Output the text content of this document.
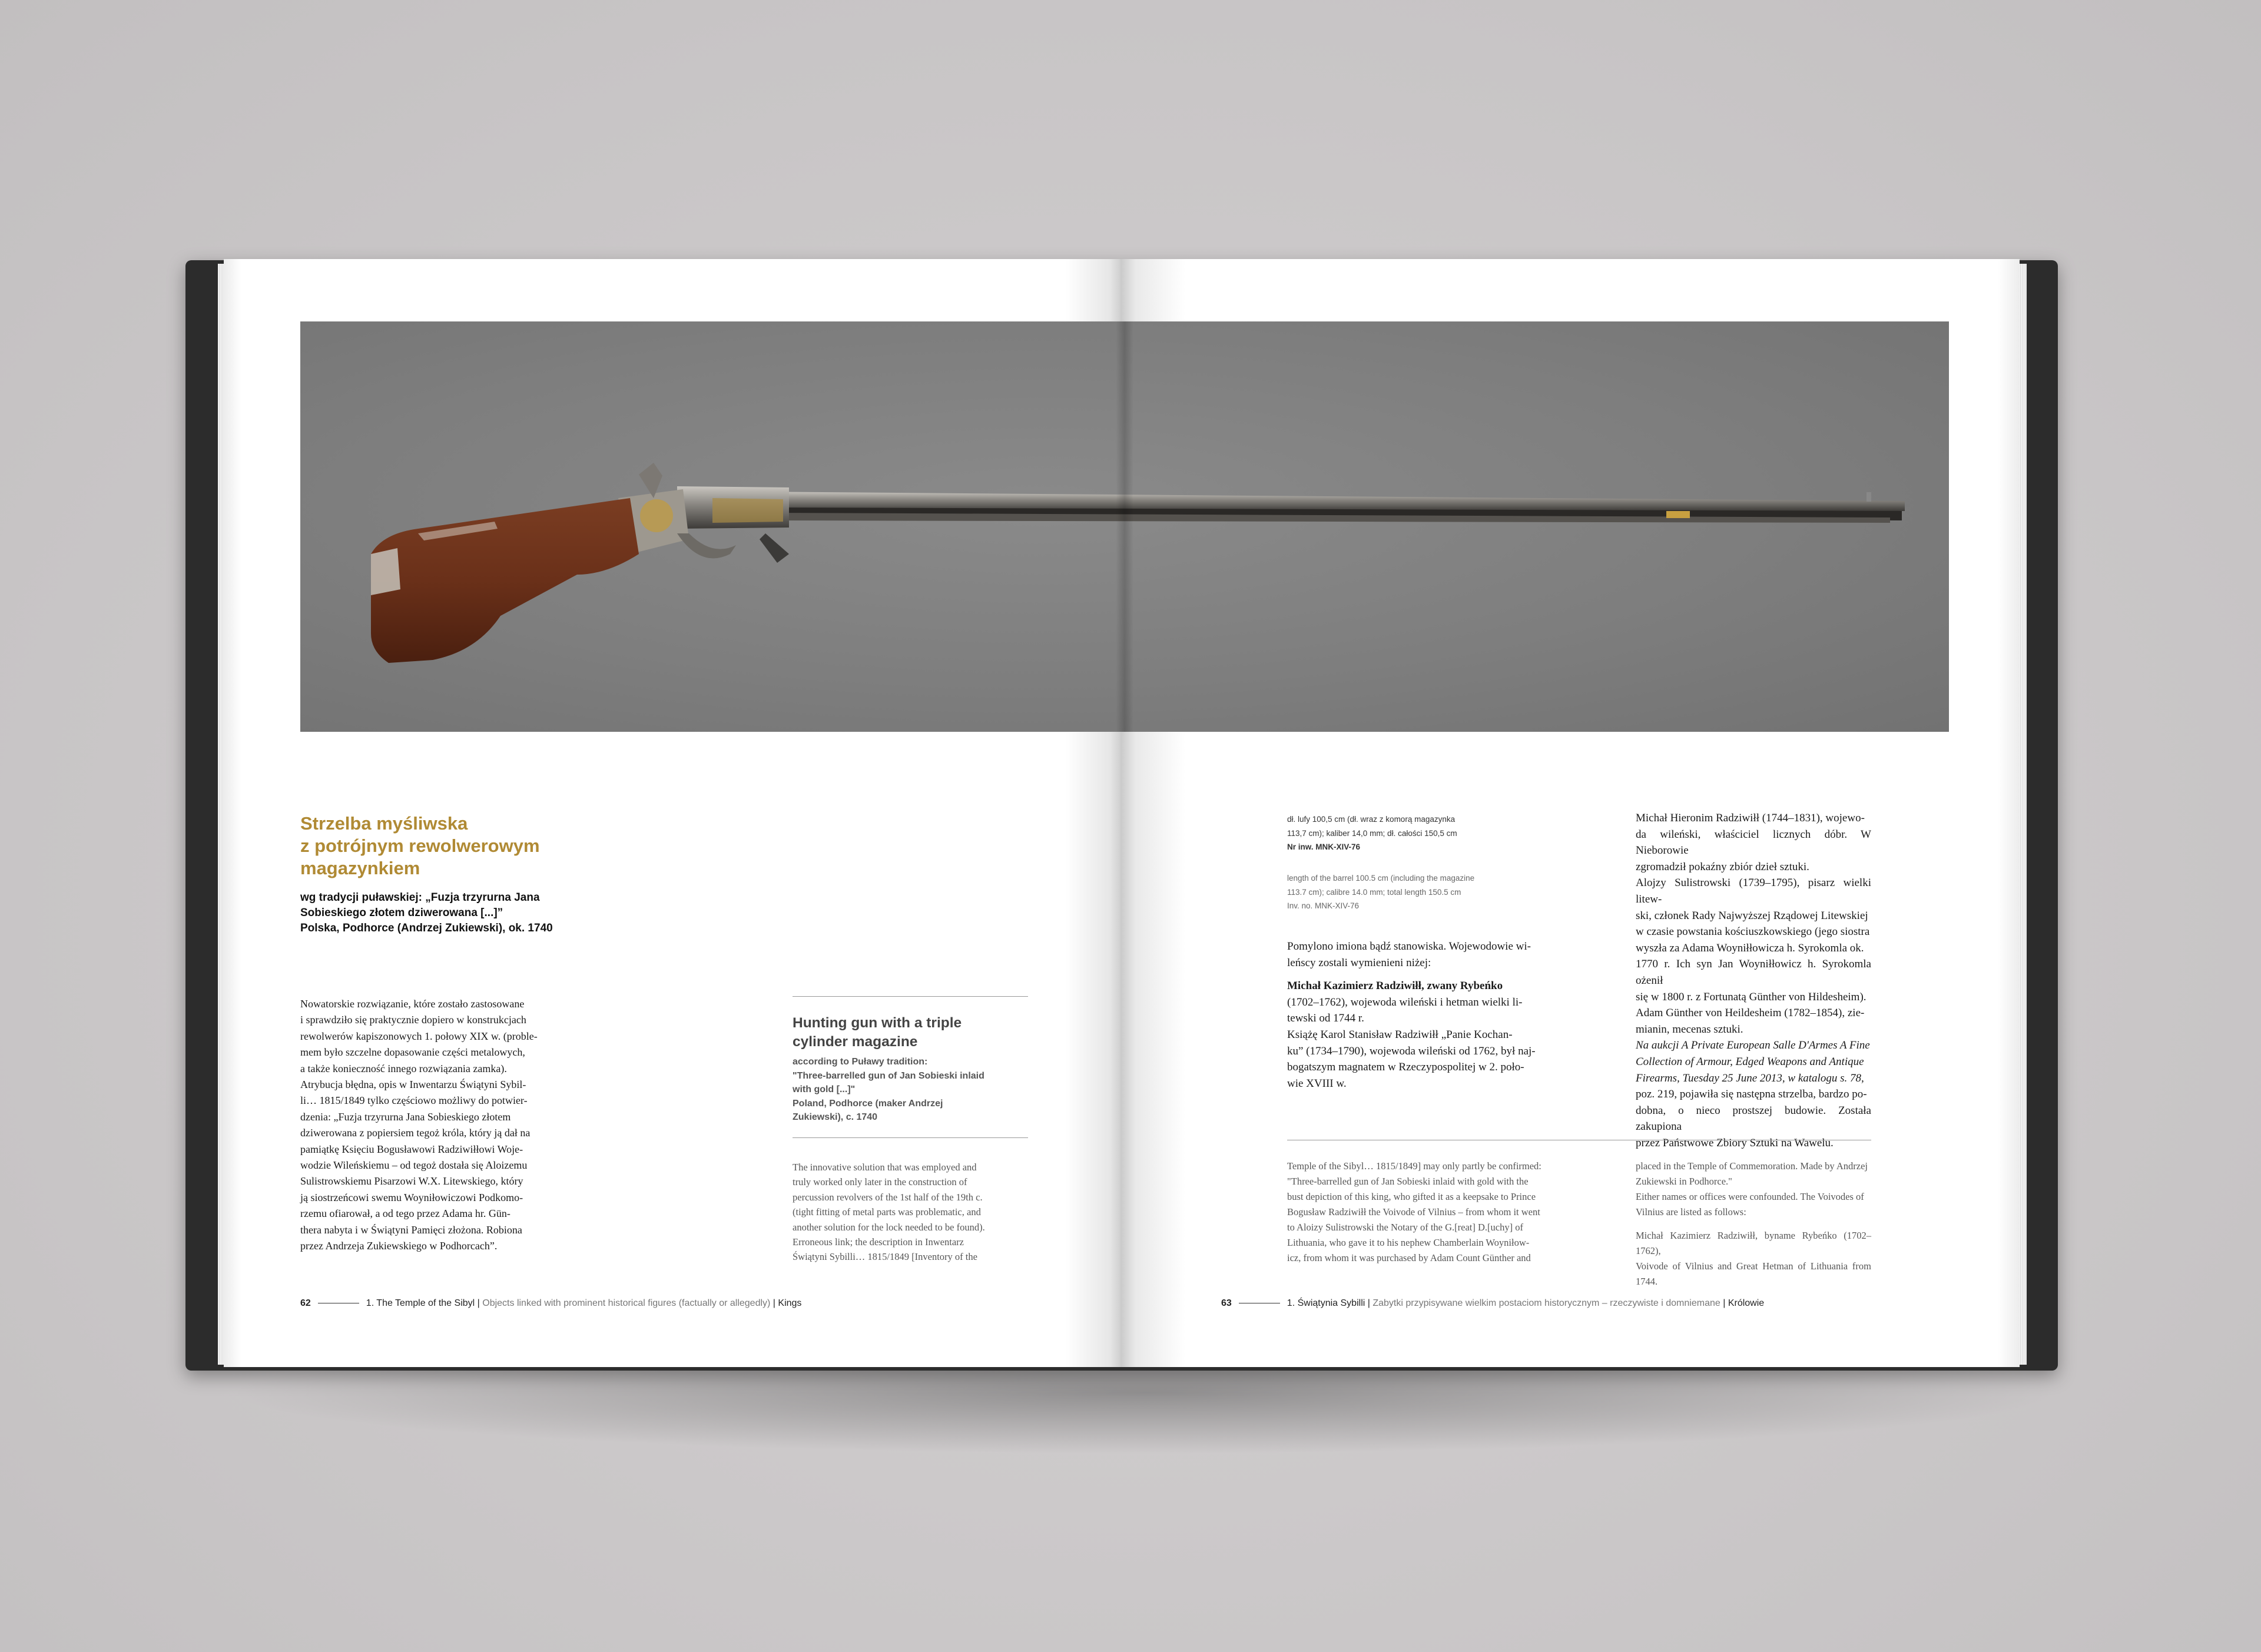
Strzelba myśliwska
z potrójnym rewolwerowym
magazynkiem
wg tradycji puławskiej: „Fuzja trzyrurna Jana
Sobieskiego złotem dziwerowana [...]”
Polska, Podhorce (Andrzej Zukiewski), ok. 1740
Nowatorskie rozwiązanie, które zostało zastosowane
i sprawdziło się praktycznie dopiero w konstrukcjach
rewolwerów kapiszonowych 1. połowy XIX w. (proble-
mem było szczelne dopasowanie części metalowych,
a także konieczność innego rozwiązania zamka).
Atrybucja błędna, opis w Inwentarzu Świątyni Sybil-
li… 1815/1849 tylko częściowo możliwy do potwier-
dzenia: „Fuzja trzyrurna Jana Sobieskiego złotem
dziwerowana z popiersiem tegoż króla, który ją dał na
pamiątkę Księciu Bogusławowi Radziwiłłowi Woje-
wodzie Wileńskiemu – od tegoż dostała się Aloizemu
Sulistrowskiemu Pisarzowi W.X. Litewskiego, który
ją siostrzeńcowi swemu Woyniłowiczowi Podkomo-
rzemu ofiarował, a od tego przez Adama hr. Gün-
thera nabyta i w Świątyni Pamięci złożona. Robiona
przez Andrzeja Zukiewskiego w Podhorcach”.
Hunting gun with a triple
cylinder magazine
according to Puławy tradition:
"Three-barrelled gun of Jan Sobieski inlaid
with gold [...]"
Poland, Podhorce (maker Andrzej
Zukiewski), c. 1740
The innovative solution that was employed and
truly worked only later in the construction of
percussion revolvers of the 1st half of the 19th c.
(tight fitting of metal parts was problematic, and
another solution for the lock needed to be found).
Erroneous link; the description in Inwentarz
Świątyni Sybilli… 1815/1849 [Inventory of the
62	1. The Temple of the Sibyl | Objects linked with prominent historical figures (factually or allegedly) | Kings
dł. lufy 100,5 cm (dł. wraz z komorą magazynka
113,7 cm); kaliber 14,0 mm; dł. całości 150,5 cm
Nr inw. MNK-XIV-76
length of the barrel 100.5 cm (including the magazine
113.7 cm); calibre 14.0 mm; total length 150.5 cm
Inv. no. MNK-XIV-76
Pomylono imiona bądź stanowiska. Wojewodowie wi-
leńscy zostali wymienieni niżej:
Michał Kazimierz Radziwiłł, zwany Rybeńko
(1702–1762), wojewoda wileński i hetman wielki li-
tewski od 1744 r.
Książę Karol Stanisław Radziwiłł „Panie Kochan-
ku” (1734–1790), wojewoda wileński od 1762, był naj-
bogatszym magnatem w Rzeczypospolitej w 2. poło-
wie XVIII w.
Michał Hieronim Radziwiłł (1744–1831), wojewo-
da wileński, właściciel licznych dóbr. W Nieborowie
zgromadził pokaźny zbiór dzieł sztuki.
Alojzy Sulistrowski (1739–1795), pisarz wielki litew-
ski, członek Rady Najwyższej Rządowej Litewskiej
w czasie powstania kościuszkowskiego (jego siostra
wyszła za Adama Woyniłłowicza h. Syrokomla ok.
1770 r. Ich syn Jan Woyniłłowicz h. Syrokomla ożenił
się w 1800 r. z Fortunatą Günther von Hildesheim).
Adam Günther von Heildesheim (1782–1854), zie-
mianin, mecenas sztuki.
Na aukcji A Private European Salle D'Armes A Fine
Collection of Armour, Edged Weapons and Antique
Firearms, Tuesday 25 June 2013, w katalogu s. 78,
poz. 219, pojawiła się następna strzelba, bardzo po-
dobna, o nieco prostszej budowie. Została zakupiona
przez Państwowe Zbiory Sztuki na Wawelu.
Temple of the Sibyl… 1815/1849] may only partly be confirmed:
"Three-barrelled gun of Jan Sobieski inlaid with gold with the
bust depiction of this king, who gifted it as a keepsake to Prince
Bogusław Radziwiłł the Voivode of Vilnius – from whom it went
to Aloizy Sulistrowski the Notary of the G.[reat] D.[uchy] of
Lithuania, who gave it to his nephew Chamberlain Woyniłow-
icz, from whom it was purchased by Adam Count Günther and
placed in the Temple of Commemoration. Made by Andrzej
Zukiewski in Podhorce."
Either names or offices were confounded. The Voivodes of
Vilnius are listed as follows:
Michał Kazimierz Radziwiłł, byname Rybeńko (1702–1762),
Voivode of Vilnius and Great Hetman of Lithuania from 1744.
63	1. Świątynia Sybilli | Zabytki przypisywane wielkim postaciom historycznym – rzeczywiste i domniemane | Królowie
